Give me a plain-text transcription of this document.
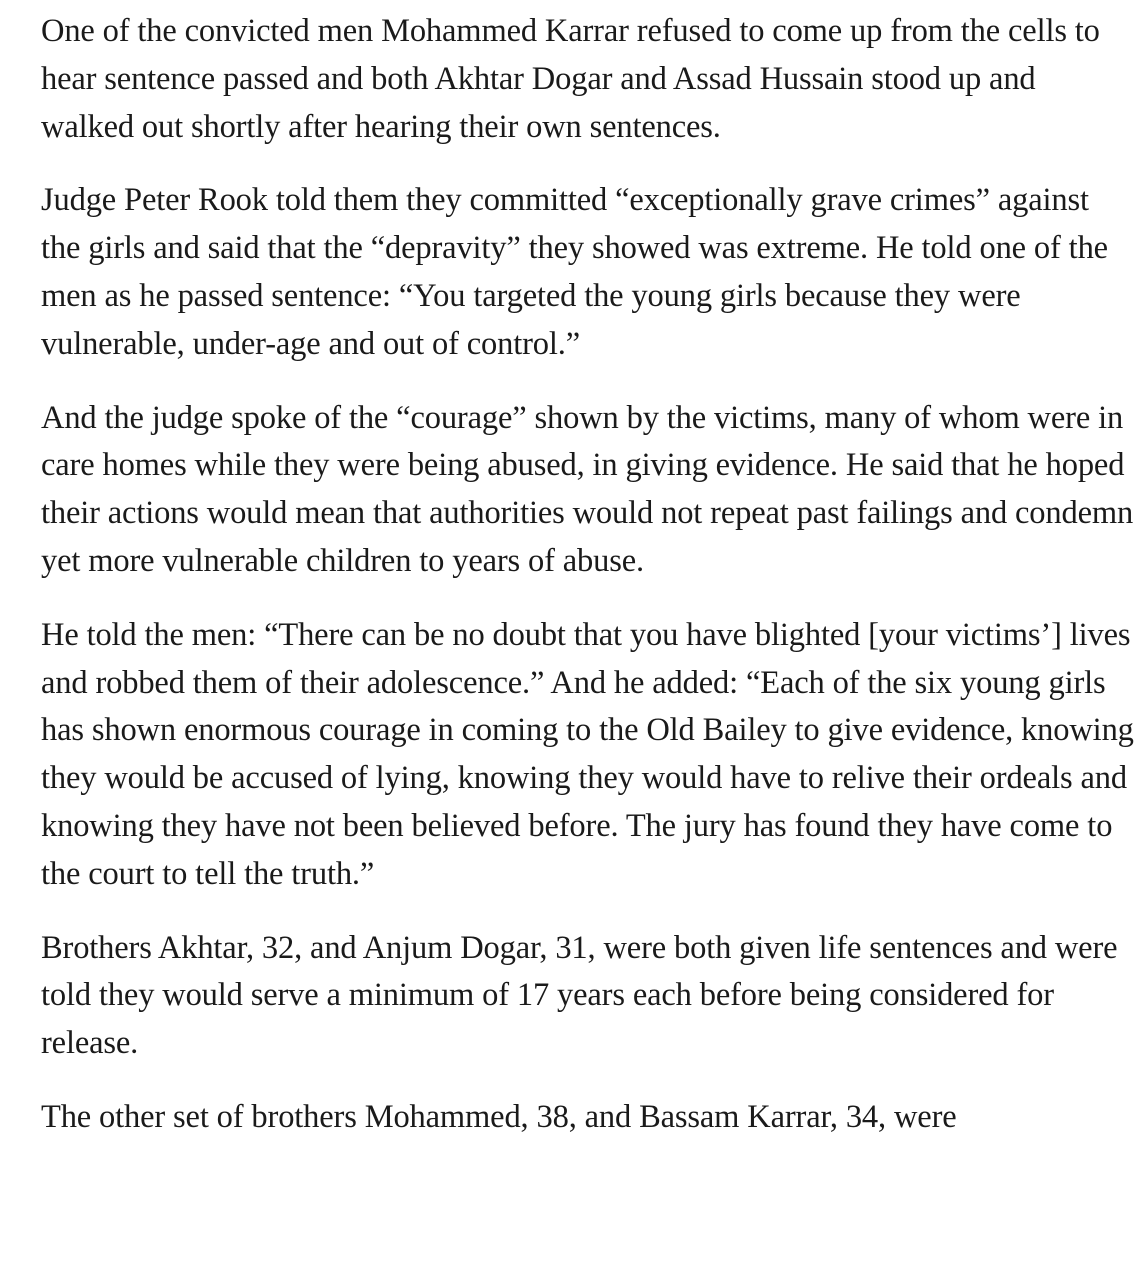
One of the convicted men Mohammed Karrar refused to come up from the cells to hear sentence passed and both Akhtar Dogar and Assad Hussain stood up and walked out shortly after hearing their own sentences.

Judge Peter Rook told them they committed “exceptionally grave crimes” against the girls and said that the “depravity” they showed was extreme. He told one of the men as he passed sentence: “You targeted the young girls because they were vulnerable, under-age and out of control.”

And the judge spoke of the “courage” shown by the victims, many of whom were in care homes while they were being abused, in giving evidence. He said that he hoped their actions would mean that authorities would not repeat past failings and condemn yet more vulnerable children to years of abuse.

He told the men: “There can be no doubt that you have blighted [your victims’] lives and robbed them of their adolescence.” And he added: “Each of the six young girls has shown enormous courage in coming to the Old Bailey to give evidence, knowing they would be accused of lying, knowing they would have to relive their ordeals and knowing they have not been believed before. The jury has found they have come to the court to tell the truth.”

Brothers Akhtar, 32, and Anjum Dogar, 31, were both given life sentences and were told they would serve a minimum of 17 years each before being considered for release.

The other set of brothers Mohammed, 38, and Bassam Karrar, 34, were
